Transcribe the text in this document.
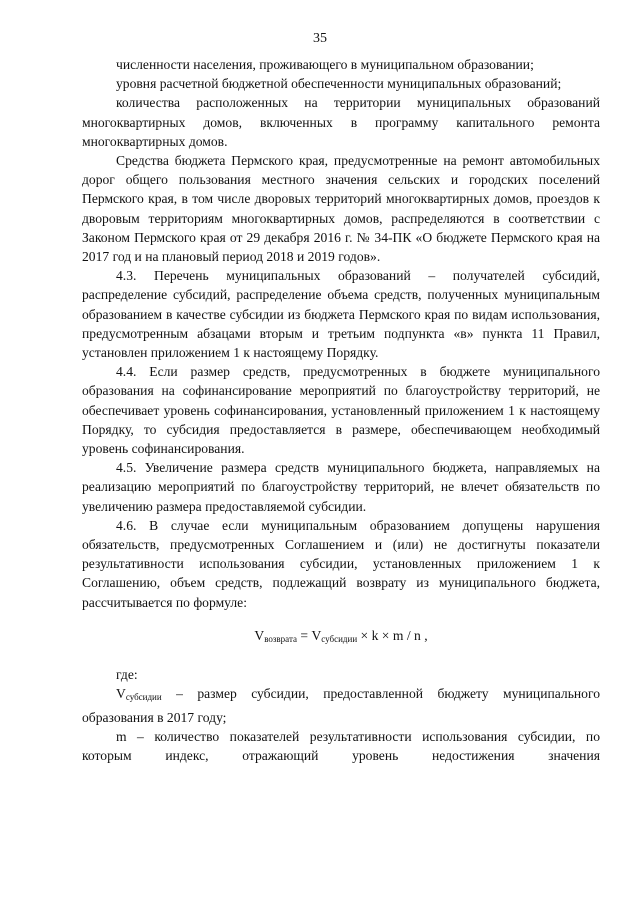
35

численности населения, проживающего в муниципальном образовании;

уровня расчетной бюджетной обеспеченности муниципальных образований;

количества расположенных на территории муниципальных образований многоквартирных домов, включенных в программу капитального ремонта многоквартирных домов.

Средства бюджета Пермского края, предусмотренные на ремонт автомобильных дорог общего пользования местного значения сельских и городских поселений Пермского края, в том числе дворовых территорий многоквартирных домов, проездов к дворовым территориям многоквартирных домов, распределяются в соответствии с Законом Пермского края от 29 декабря 2016 г. № 34-ПК «О бюджете Пермского края на 2017 год и на плановый период 2018 и 2019 годов».

4.3. Перечень муниципальных образований – получателей субсидий, распределение субсидий, распределение объема средств, полученных муниципальным образованием в качестве субсидии из бюджета Пермского края по видам использования, предусмотренным абзацами вторым и третьим подпункта «в» пункта 11 Правил, установлен приложением 1 к настоящему Порядку.

4.4. Если размер средств, предусмотренных в бюджете муниципального образования на софинансирование мероприятий по благоустройству территорий, не обеспечивает уровень софинансирования, установленный приложением 1 к настоящему Порядку, то субсидия предоставляется в размере, обеспечивающем необходимый уровень софинансирования.

4.5. Увеличение размера средств муниципального бюджета, направляемых на реализацию мероприятий по благоустройству территорий, не влечет обязательств по увеличению размера предоставляемой субсидии.

4.6. В случае если муниципальным образованием допущены нарушения обязательств, предусмотренных Соглашением и (или) не достигнуты показатели результативности использования субсидии, установленных приложением 1 к Соглашению, объем средств, подлежащий возврату из муниципального бюджета, рассчитывается по формуле:

$V_{возврата} = V_{субсидии} \times k \times m / n$ ,

где:

$V_{субсидии}$ – размер субсидии, предоставленной бюджету муниципального образования в 2017 году;

m – количество показателей результативности использования субсидии, по которым индекс, отражающий уровень недостижения значения
